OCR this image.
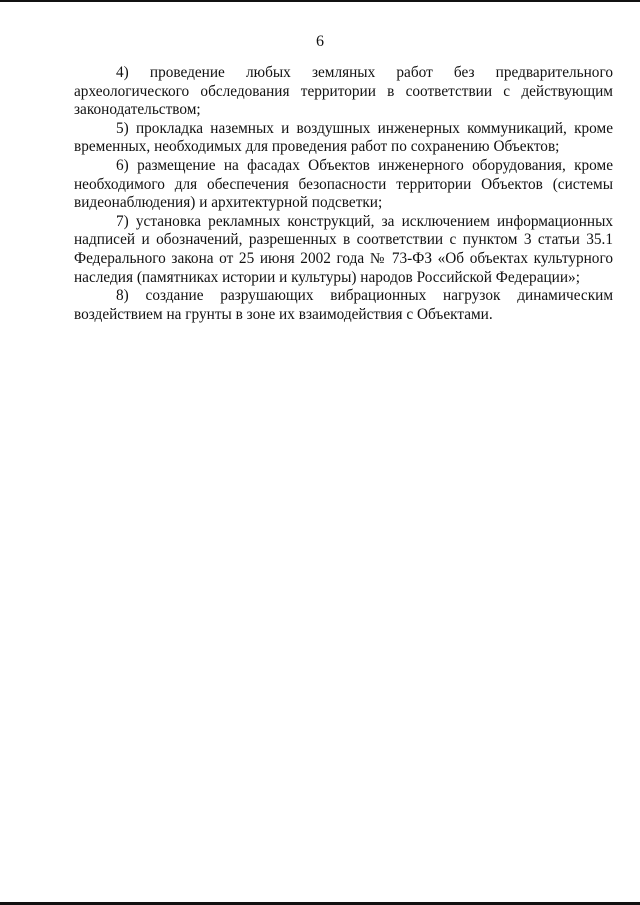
6

4) проведение любых земляных работ без предварительного археологического обследования территории в соответствии с действующим законодательством;

5) прокладка наземных и воздушных инженерных коммуникаций, кроме временных, необходимых для проведения работ по сохранению Объектов;

6) размещение на фасадах Объектов инженерного оборудования, кроме необходимого для обеспечения безопасности территории Объектов (системы видеонаблюдения) и архитектурной подсветки;

7) установка рекламных конструкций, за исключением информационных надписей и обозначений, разрешенных в соответствии с пунктом 3 статьи 35.1 Федерального закона от 25 июня 2002 года № 73-ФЗ «Об объектах культурного наследия (памятниках истории и культуры) народов Российской Федерации»;

8) создание разрушающих вибрационных нагрузок динамическим воздействием на грунты в зоне их взаимодействия с Объектами.
